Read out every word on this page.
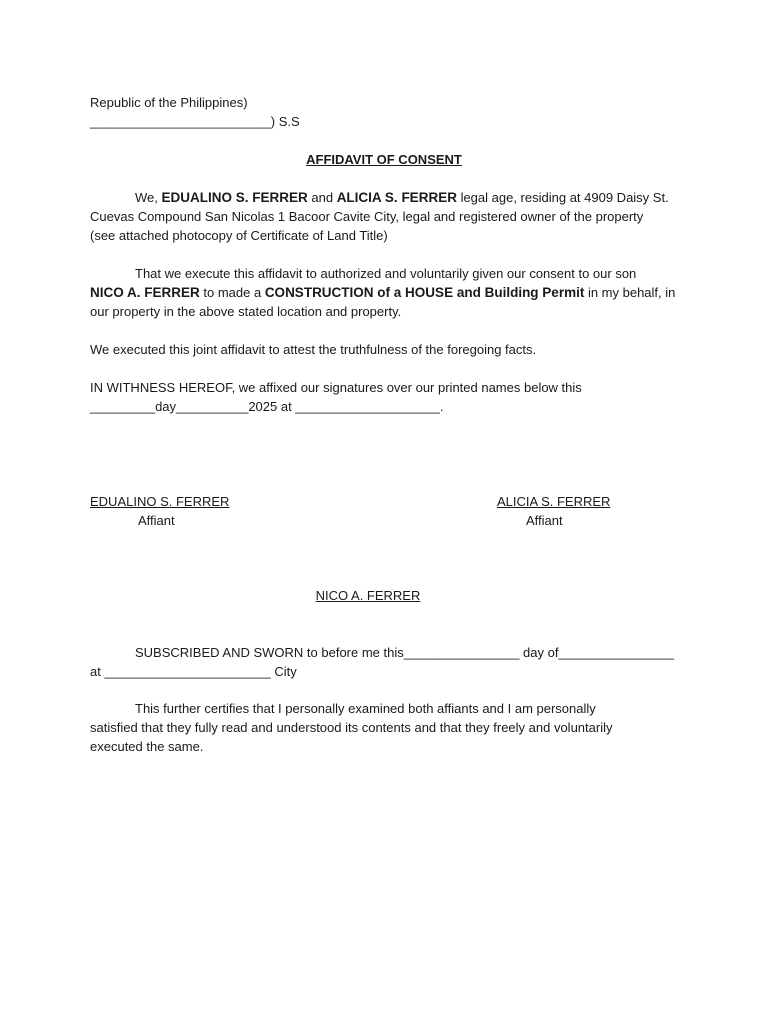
Republic of the Philippines)
_________________________) S.S
AFFIDAVIT OF CONSENT
We, EDUALINO S. FERRER and ALICIA S. FERRER legal age, residing at 4909 Daisy St.
Cuevas Compound San Nicolas 1 Bacoor Cavite City, legal and registered owner of the property
(see attached photocopy of Certificate of Land Title)
That we execute this affidavit to authorized and voluntarily given our consent to our son
NICO A. FERRER to made a CONSTRUCTION of a HOUSE and Building Permit in my behalf, in
our property in the above stated location and property.
We executed this joint affidavit to attest the truthfulness of the foregoing facts.
IN WITHNESS HEREOF, we affixed our signatures over our printed names below this
_________day__________2025 at ____________________.
EDUALINO S. FERRER
Affiant
ALICIA S. FERRER
Affiant
NICO A. FERRER
SUBSCRIBED AND SWORN to before me this________________ day of________________
at _______________________ City
This further certifies that I personally examined both affiants and I am personally
satisfied that they fully read and understood its contents and that they freely and voluntarily
executed the same.
